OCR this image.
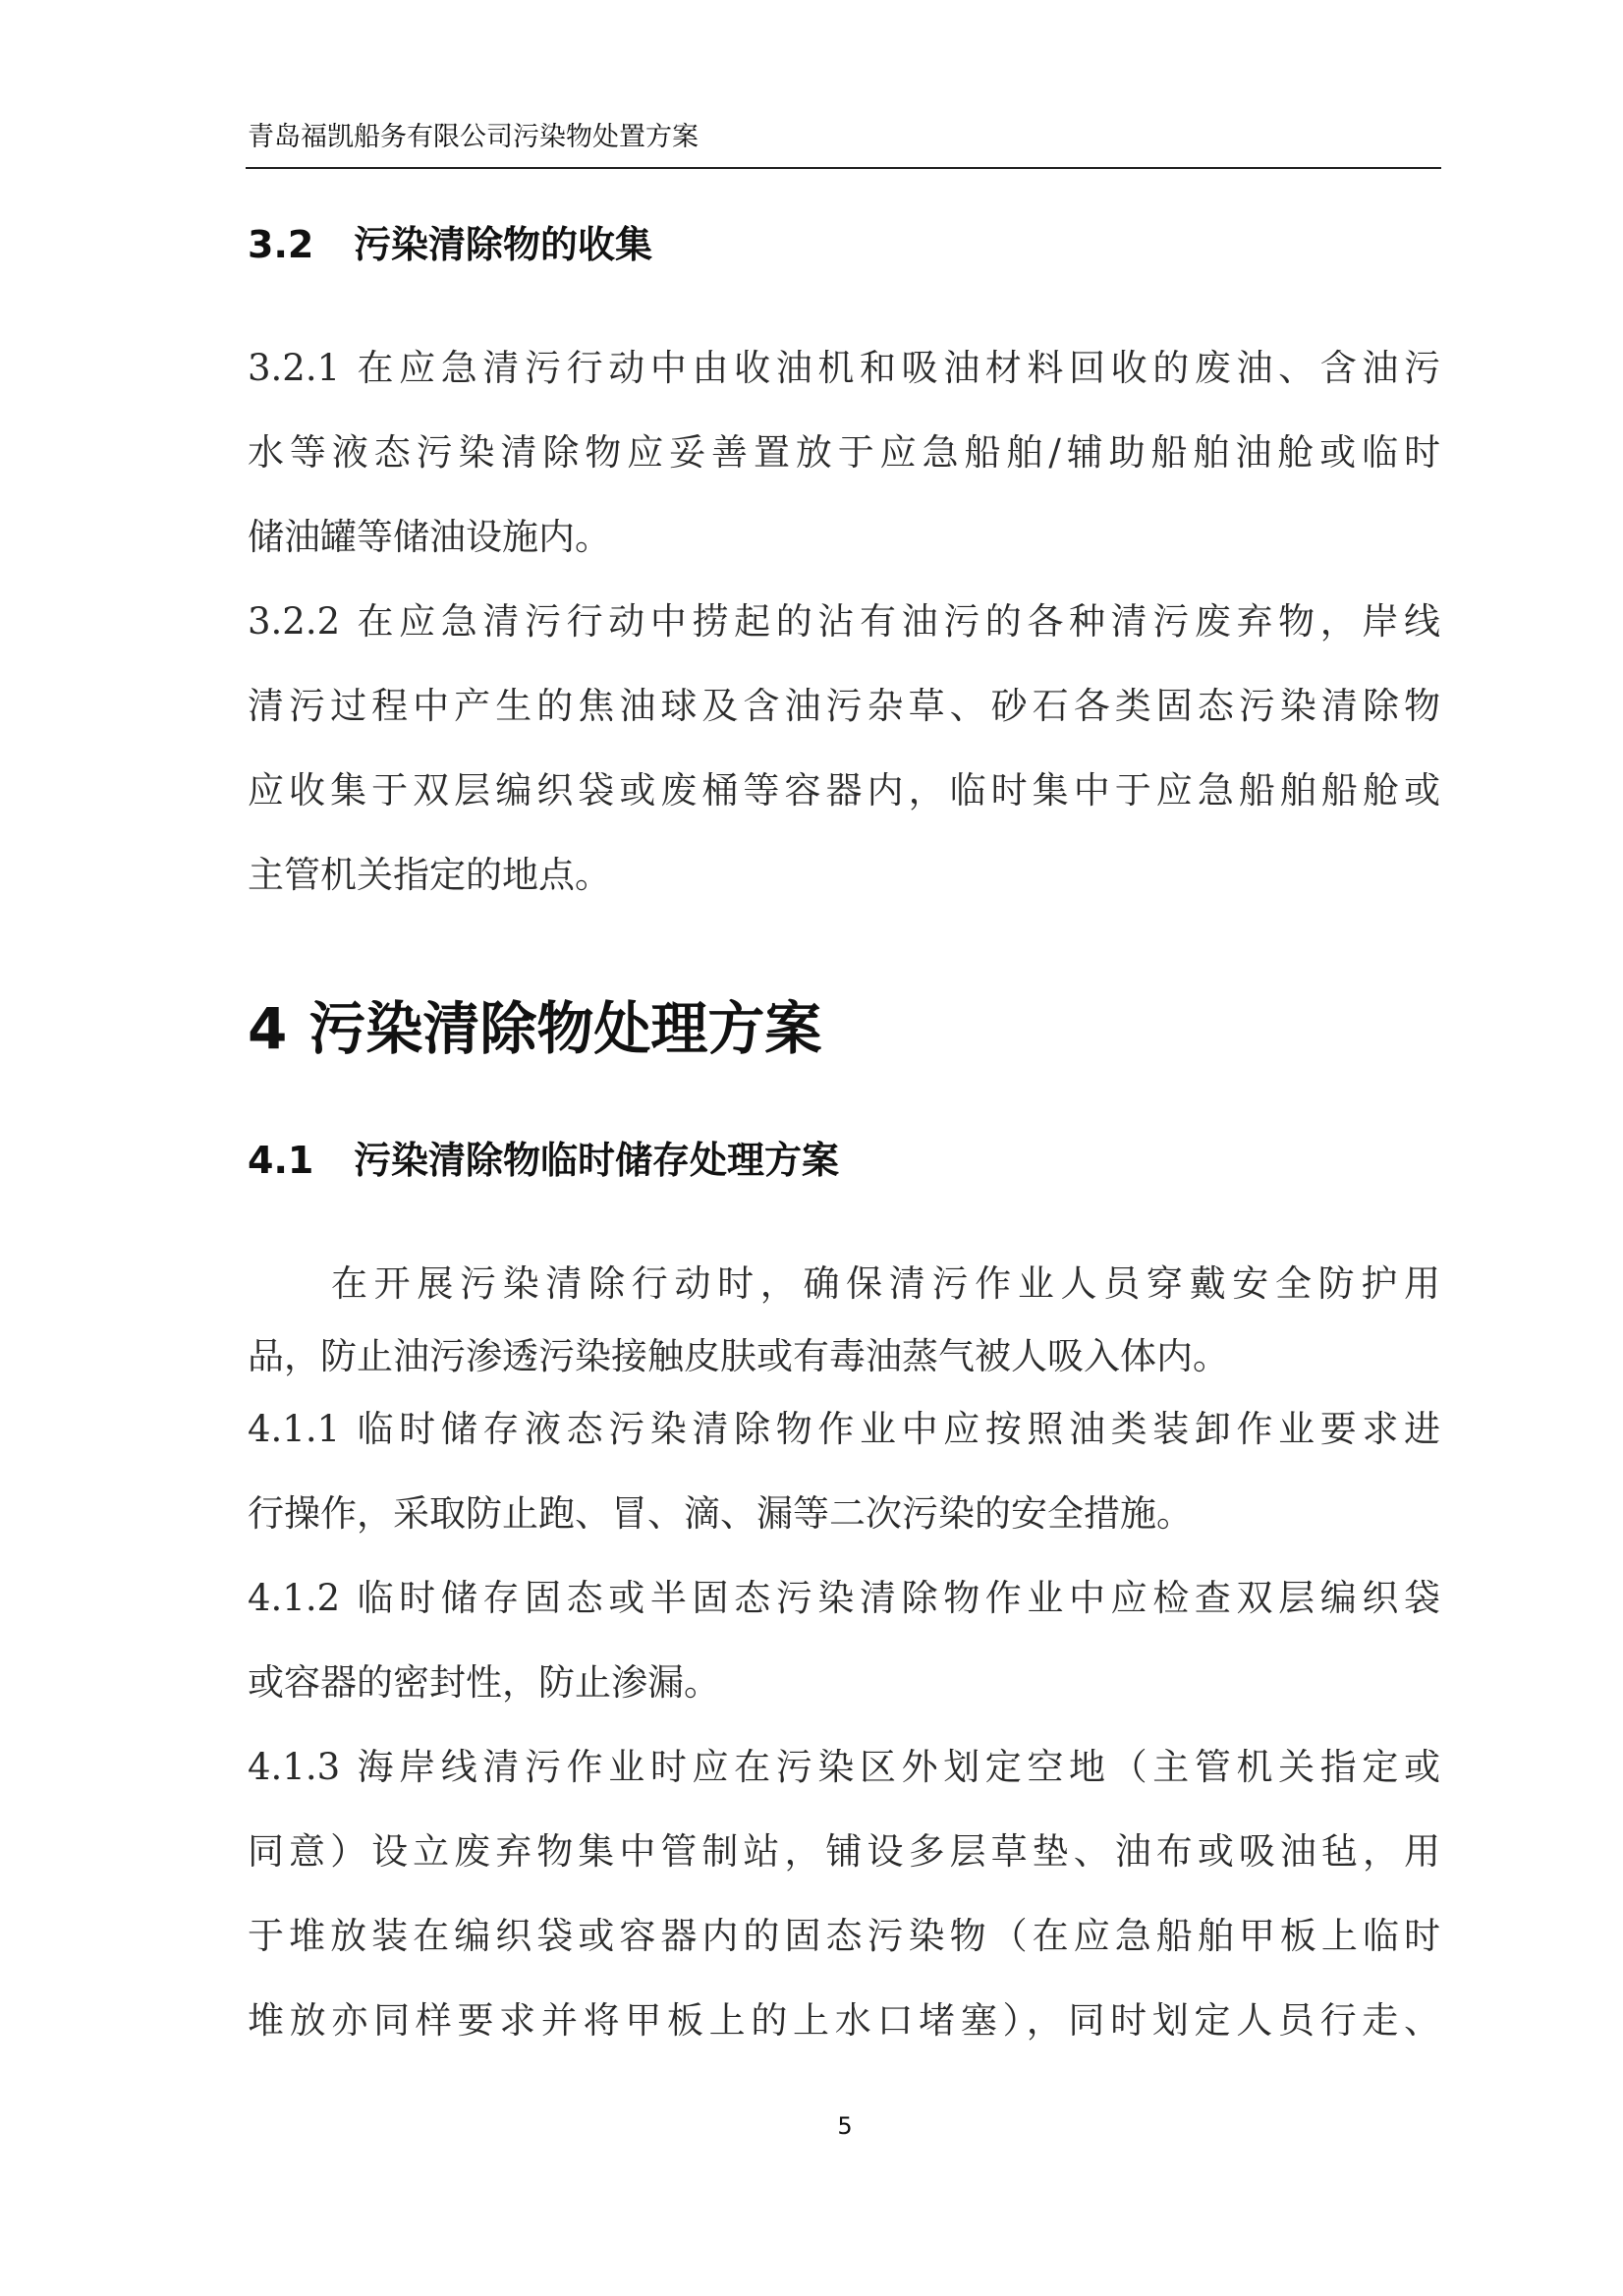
青岛福凯船务有限公司污染物处置方案
3.2 污染清除物的收集
3.2.1 在应急清污行动中由收油机和吸油材料回收的废油、含油污
水等液态污染清除物应妥善置放于应急船舶/辅助船舶油舱或临时
储油罐等储油设施内。
3.2.2 在应急清污行动中捞起的沾有油污的各种清污废弃物，岸线
清污过程中产生的焦油球及含油污杂草、砂石各类固态污染清除物
应收集于双层编织袋或废桶等容器内，临时集中于应急船舶船舱或
主管机关指定的地点。
4 污染清除物处理方案
4.1 污染清除物临时储存处理方案
在开展污染清除行动时，确保清污作业人员穿戴安全防护用
品，防止油污渗透污染接触皮肤或有毒油蒸气被人吸入体内。
4.1.1 临时储存液态污染清除物作业中应按照油类装卸作业要求进
行操作，采取防止跑、冒、滴、漏等二次污染的安全措施。
4.1.2 临时储存固态或半固态污染清除物作业中应检查双层编织袋
或容器的密封性，防止渗漏。
4.1.3 海岸线清污作业时应在污染区外划定空地（主管机关指定或
同意）设立废弃物集中管制站，铺设多层草垫、油布或吸油毡，用
于堆放装在编织袋或容器内的固态污染物（在应急船舶甲板上临时
堆放亦同样要求并将甲板上的上水口堵塞），同时划定人员行走、
5
